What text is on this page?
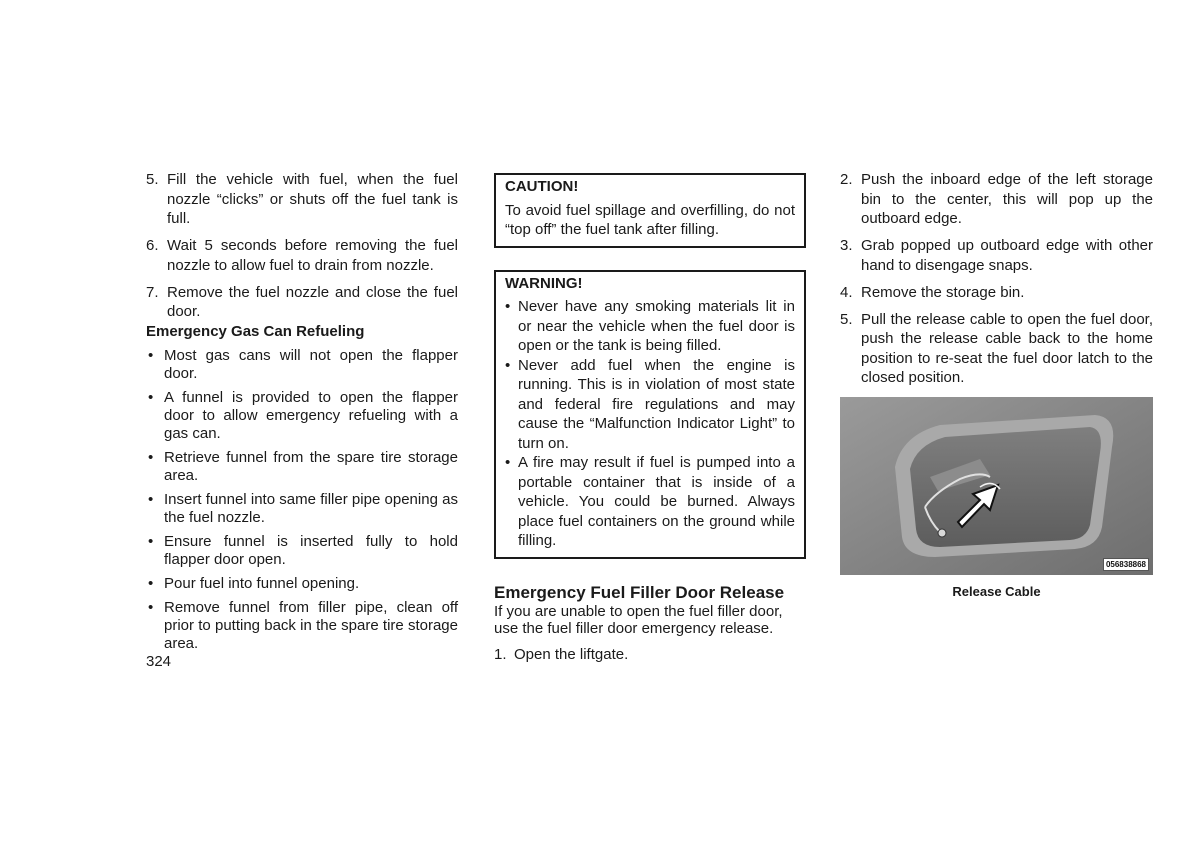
5. Fill the vehicle with fuel, when the fuel nozzle “clicks” or shuts off the fuel tank is full.
6. Wait 5 seconds before removing the fuel nozzle to allow fuel to drain from nozzle.
7. Remove the fuel nozzle and close the fuel door.
Emergency Gas Can Refueling
• Most gas cans will not open the flapper door.
• A funnel is provided to open the flapper door to allow emergency refueling with a gas can.
• Retrieve funnel from the spare tire storage area.
• Insert funnel into same filler pipe opening as the fuel nozzle.
• Ensure funnel is inserted fully to hold flapper door open.
• Pour fuel into funnel opening.
• Remove funnel from filler pipe, clean off prior to putting back in the spare tire storage area.
CAUTION!

To avoid fuel spillage and overfilling, do not “top off” the fuel tank after filling.

WARNING!
• Never have any smoking materials lit in or near the vehicle when the fuel door is open or the tank is being filled.
• Never add fuel when the engine is running. This is in violation of most state and federal fire regulations and may cause the “Malfunction Indicator Light” to turn on.
• A fire may result if fuel is pumped into a portable container that is inside of a vehicle. You could be burned. Always place fuel containers on the ground while filling.
Emergency Fuel Filler Door Release

If you are unable to open the fuel filler door, use the fuel filler door emergency release.

1. Open the liftgate.
2. Push the inboard edge of the left storage bin to the center, this will pop up the outboard edge.
3. Grab popped up outboard edge with other hand to disengage snaps.
4. Remove the storage bin.
5. Pull the release cable to open the fuel door, push the release cable back to the home position to re-seat the fuel door latch to the closed position.
056838868
Release Cable
324
